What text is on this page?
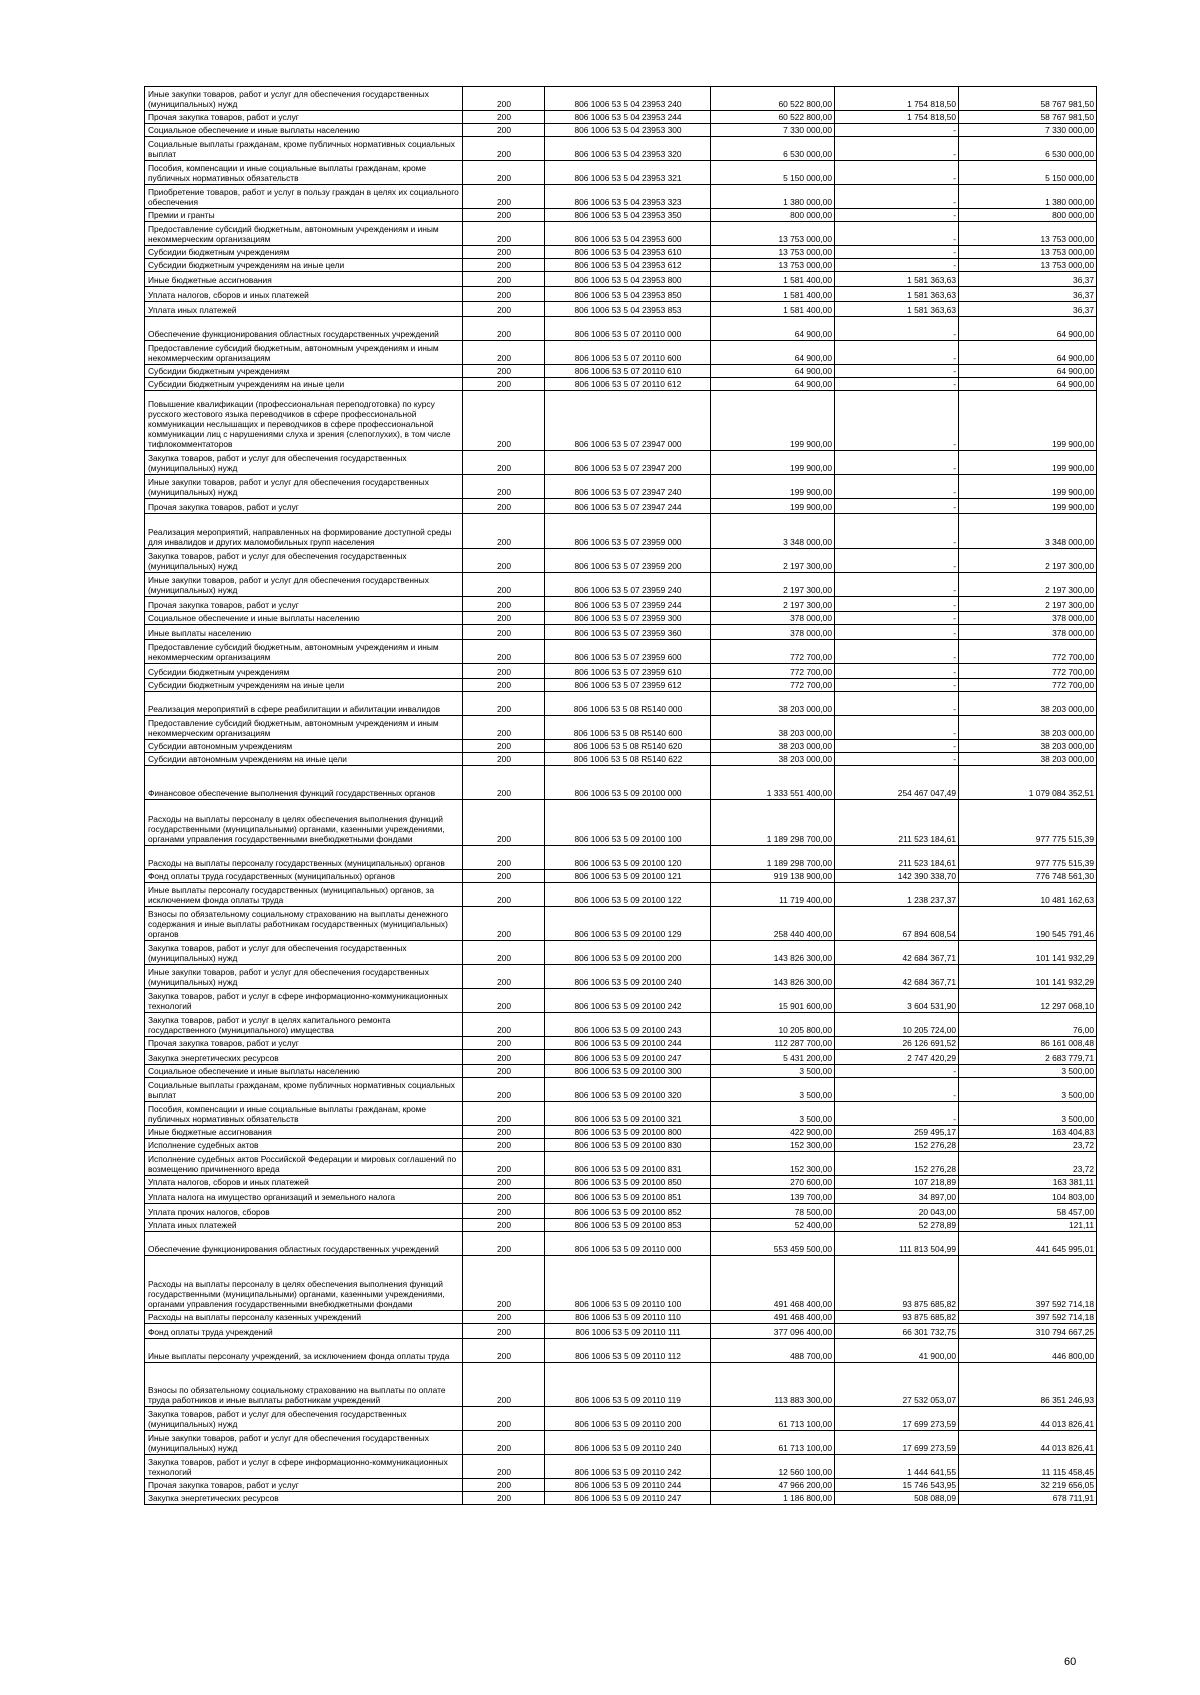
Иные закупки товаров, работ и услуг для обеспечения государственных (муниципальных) нужд	200	806 1006 53 5 04 23953 240	60 522 800,00	1 754 818,50	58 767 981,50
Прочая закупка товаров, работ и услуг	200	806 1006 53 5 04 23953 244	60 522 800,00	1 754 818,50	58 767 981,50
Социальное обеспечение и иные выплаты населению	200	806 1006 53 5 04 23953 300	7 330 000,00	-	7 330 000,00
Социальные выплаты гражданам, кроме публичных нормативных социальных выплат	200	806 1006 53 5 04 23953 320	6 530 000,00	-	6 530 000,00
Пособия, компенсации и иные социальные выплаты гражданам, кроме публичных нормативных обязательств	200	806 1006 53 5 04 23953 321	5 150 000,00	-	5 150 000,00
Приобретение товаров, работ и услуг в пользу граждан в целях их социального обеспечения	200	806 1006 53 5 04 23953 323	1 380 000,00	-	1 380 000,00
Премии и гранты	200	806 1006 53 5 04 23953 350	800 000,00	-	800 000,00
Предоставление субсидий бюджетным, автономным учреждениям и иным некоммерческим организациям	200	806 1006 53 5 04 23953 600	13 753 000,00	-	13 753 000,00
Субсидии бюджетным учреждениям	200	806 1006 53 5 04 23953 610	13 753 000,00	-	13 753 000,00
Субсидии бюджетным учреждениям на иные цели	200	806 1006 53 5 04 23953 612	13 753 000,00	-	13 753 000,00
Иные бюджетные ассигнования	200	806 1006 53 5 04 23953 800	1 581 400,00	1 581 363,63	36,37
Уплата налогов, сборов и иных платежей	200	806 1006 53 5 04 23953 850	1 581 400,00	1 581 363,63	36,37
Уплата иных платежей	200	806 1006 53 5 04 23953 853	1 581 400,00	1 581 363,63	36,37
Обеспечение функционирования областных государственных учреждений	200	806 1006 53 5 07 20110 000	64 900,00	-	64 900,00
Предоставление субсидий бюджетным, автономным учреждениям и иным некоммерческим организациям	200	806 1006 53 5 07 20110 600	64 900,00	-	64 900,00
Субсидии бюджетным учреждениям	200	806 1006 53 5 07 20110 610	64 900,00	-	64 900,00
Субсидии бюджетным учреждениям на иные цели	200	806 1006 53 5 07 20110 612	64 900,00	-	64 900,00
Повышение квалификации (профессиональная переподготовка) по курсу русского жестового языка переводчиков в сфере профессиональной коммуникации неслышащих и переводчиков в сфере профессиональной коммуникации лиц с нарушениями слуха и зрения (слепоглухих), в том числе тифлокомментаторов	200	806 1006 53 5 07 23947 000	199 900,00	-	199 900,00
Закупка товаров, работ и услуг для обеспечения государственных (муниципальных) нужд	200	806 1006 53 5 07 23947 200	199 900,00	-	199 900,00
Иные закупки товаров, работ и услуг для обеспечения государственных (муниципальных) нужд	200	806 1006 53 5 07 23947 240	199 900,00	-	199 900,00
Прочая закупка товаров, работ и услуг	200	806 1006 53 5 07 23947 244	199 900,00	-	199 900,00
Реализация мероприятий, направленных на формирование доступной среды для инвалидов и других маломобильных групп населения	200	806 1006 53 5 07 23959 000	3 348 000,00	-	3 348 000,00
Закупка товаров, работ и услуг для обеспечения государственных (муниципальных) нужд	200	806 1006 53 5 07 23959 200	2 197 300,00	-	2 197 300,00
Иные закупки товаров, работ и услуг для обеспечения государственных (муниципальных) нужд	200	806 1006 53 5 07 23959 240	2 197 300,00	-	2 197 300,00
Прочая закупка товаров, работ и услуг	200	806 1006 53 5 07 23959 244	2 197 300,00	-	2 197 300,00
Социальное обеспечение и иные выплаты населению	200	806 1006 53 5 07 23959 300	378 000,00	-	378 000,00
Иные выплаты населению	200	806 1006 53 5 07 23959 360	378 000,00	-	378 000,00
Предоставление субсидий бюджетным, автономным учреждениям и иным некоммерческим организациям	200	806 1006 53 5 07 23959 600	772 700,00	-	772 700,00
Субсидии бюджетным учреждениям	200	806 1006 53 5 07 23959 610	772 700,00	-	772 700,00
Субсидии бюджетным учреждениям на иные цели	200	806 1006 53 5 07 23959 612	772 700,00	-	772 700,00
Реализация мероприятий в сфере реабилитации и абилитации инвалидов	200	806 1006 53 5 08 R5140 000	38 203 000,00	-	38 203 000,00
Предоставление субсидий бюджетным, автономным учреждениям и иным некоммерческим организациям	200	806 1006 53 5 08 R5140 600	38 203 000,00	-	38 203 000,00
Субсидии автономным учреждениям	200	806 1006 53 5 08 R5140 620	38 203 000,00	-	38 203 000,00
Субсидии автономным учреждениям на иные цели	200	806 1006 53 5 08 R5140 622	38 203 000,00	-	38 203 000,00
Финансовое обеспечение выполнения функций государственных органов	200	806 1006 53 5 09 20100 000	1 333 551 400,00	254 467 047,49	1 079 084 352,51
Расходы на выплаты персоналу в целях обеспечения выполнения функций государственными (муниципальными) органами, казенными учреждениями, органами управления государственными внебюджетными фондами	200	806 1006 53 5 09 20100 100	1 189 298 700,00	211 523 184,61	977 775 515,39
Расходы на выплаты персоналу государственных (муниципальных) органов	200	806 1006 53 5 09 20100 120	1 189 298 700,00	211 523 184,61	977 775 515,39
Фонд оплаты труда государственных (муниципальных) органов	200	806 1006 53 5 09 20100 121	919 138 900,00	142 390 338,70	776 748 561,30
Иные выплаты персоналу государственных (муниципальных) органов, за исключением фонда оплаты труда	200	806 1006 53 5 09 20100 122	11 719 400,00	1 238 237,37	10 481 162,63
Взносы по обязательному социальному страхованию на выплаты денежного содержания и иные выплаты работникам государственных (муниципальных) органов	200	806 1006 53 5 09 20100 129	258 440 400,00	67 894 608,54	190 545 791,46
Закупка товаров, работ и услуг для обеспечения государственных (муниципальных) нужд	200	806 1006 53 5 09 20100 200	143 826 300,00	42 684 367,71	101 141 932,29
Иные закупки товаров, работ и услуг для обеспечения государственных (муниципальных) нужд	200	806 1006 53 5 09 20100 240	143 826 300,00	42 684 367,71	101 141 932,29
Закупка товаров, работ и услуг в сфере информационно-коммуникационных технологий	200	806 1006 53 5 09 20100 242	15 901 600,00	3 604 531,90	12 297 068,10
Закупка товаров, работ и услуг в целях капитального ремонта государственного (муниципального) имущества	200	806 1006 53 5 09 20100 243	10 205 800,00	10 205 724,00	76,00
Прочая закупка товаров, работ и услуг	200	806 1006 53 5 09 20100 244	112 287 700,00	26 126 691,52	86 161 008,48
Закупка энергетических ресурсов	200	806 1006 53 5 09 20100 247	5 431 200,00	2 747 420,29	2 683 779,71
Социальное обеспечение и иные выплаты населению	200	806 1006 53 5 09 20100 300	3 500,00	-	3 500,00
Социальные выплаты гражданам, кроме публичных нормативных социальных выплат	200	806 1006 53 5 09 20100 320	3 500,00	-	3 500,00
Пособия, компенсации и иные социальные выплаты гражданам, кроме публичных нормативных обязательств	200	806 1006 53 5 09 20100 321	3 500,00	-	3 500,00
Иные бюджетные ассигнования	200	806 1006 53 5 09 20100 800	422 900,00	259 495,17	163 404,83
Исполнение судебных актов	200	806 1006 53 5 09 20100 830	152 300,00	152 276,28	23,72
Исполнение судебных актов Российской Федерации и мировых соглашений по возмещению причиненного вреда	200	806 1006 53 5 09 20100 831	152 300,00	152 276,28	23,72
Уплата налогов, сборов и иных платежей	200	806 1006 53 5 09 20100 850	270 600,00	107 218,89	163 381,11
Уплата налога на имущество организаций и земельного налога	200	806 1006 53 5 09 20100 851	139 700,00	34 897,00	104 803,00
Уплата прочих налогов, сборов	200	806 1006 53 5 09 20100 852	78 500,00	20 043,00	58 457,00
Уплата иных платежей	200	806 1006 53 5 09 20100 853	52 400,00	52 278,89	121,11
Обеспечение функционирования областных государственных учреждений	200	806 1006 53 5 09 20110 000	553 459 500,00	111 813 504,99	441 645 995,01
Расходы на выплаты персоналу в целях обеспечения выполнения функций государственными (муниципальными) органами, казенными учреждениями, органами управления государственными внебюджетными фондами	200	806 1006 53 5 09 20110 100	491 468 400,00	93 875 685,82	397 592 714,18
Расходы на выплаты персоналу казенных учреждений	200	806 1006 53 5 09 20110 110	491 468 400,00	93 875 685,82	397 592 714,18
Фонд оплаты труда учреждений	200	806 1006 53 5 09 20110 111	377 096 400,00	66 301 732,75	310 794 667,25
Иные выплаты персоналу учреждений, за исключением фонда оплаты труда	200	806 1006 53 5 09 20110 112	488 700,00	41 900,00	446 800,00
Взносы по обязательному социальному страхованию на выплаты по оплате труда работников и иные выплаты работникам учреждений	200	806 1006 53 5 09 20110 119	113 883 300,00	27 532 053,07	86 351 246,93
Закупка товаров, работ и услуг для обеспечения государственных (муниципальных) нужд	200	806 1006 53 5 09 20110 200	61 713 100,00	17 699 273,59	44 013 826,41
Иные закупки товаров, работ и услуг для обеспечения государственных (муниципальных) нужд	200	806 1006 53 5 09 20110 240	61 713 100,00	17 699 273,59	44 013 826,41
Закупка товаров, работ и услуг в сфере информационно-коммуникационных технологий	200	806 1006 53 5 09 20110 242	12 560 100,00	1 444 641,55	11 115 458,45
Прочая закупка товаров, работ и услуг	200	806 1006 53 5 09 20110 244	47 966 200,00	15 746 543,95	32 219 656,05
Закупка энергетических ресурсов	200	806 1006 53 5 09 20110 247	1 186 800,00	508 088,09	678 711,91
60
